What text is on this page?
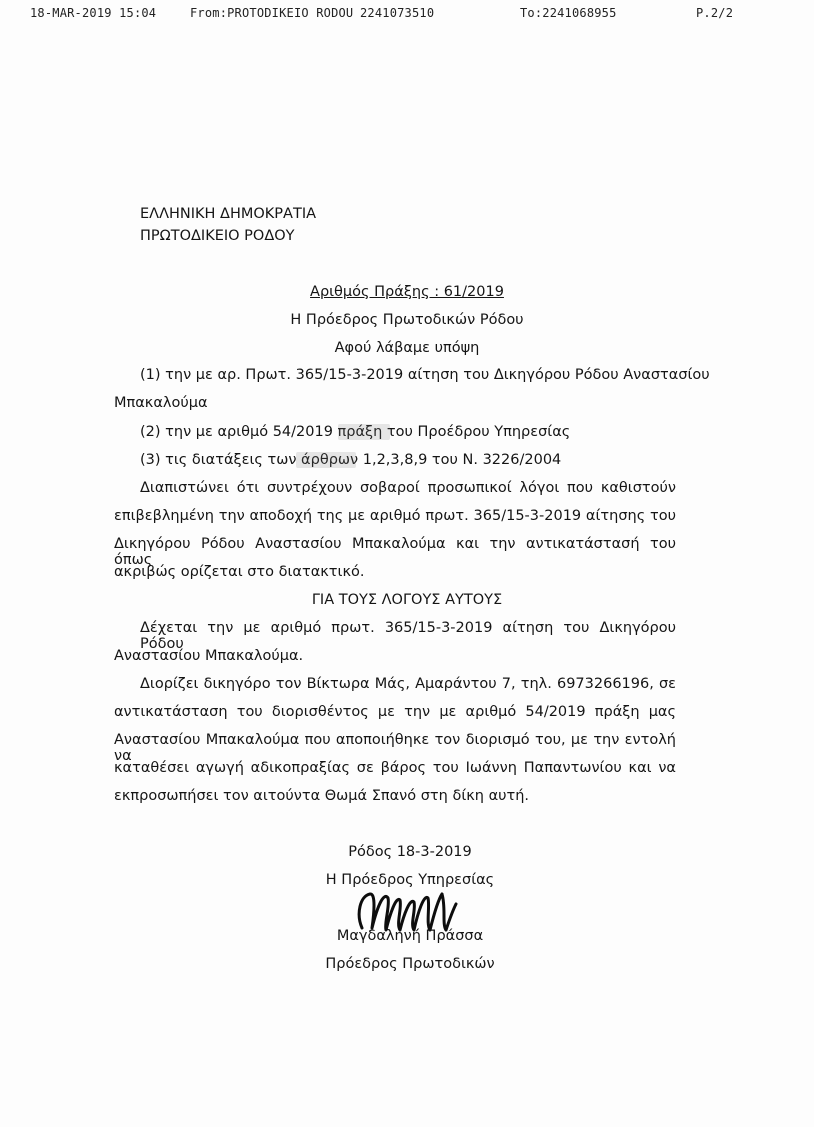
18-MAR-2019 15:04	From:PROTODIKEIO RODOU 2241073510	To:2241068955	P.2/2
ΕΛΛΗΝΙΚΗ ΔΗΜΟΚΡΑΤΙΑ
ΠΡΩΤΟΔΙΚΕΙΟ ΡΟΔΟΥ
Αριθμός Πράξης : 61/2019
Η Πρόεδρος Πρωτοδικών Ρόδου
Αφού λάβαμε υπόψη
(1) την με αρ. Πρωτ. 365/15-3-2019 αίτηση του Δικηγόρου Ρόδου Αναστασίου
Μπακαλούμα
(2) την με αριθμό 54/2019 πράξη του Προέδρου Υπηρεσίας
(3) τις διατάξεις των άρθρων 1,2,3,8,9 του Ν. 3226/2004
Διαπιστώνει ότι συντρέχουν σοβαροί προσωπικοί λόγοι που καθιστούν
επιβεβλημένη την αποδοχή της με αριθμό πρωτ. 365/15-3-2019 αίτησης του
Δικηγόρου Ρόδου Αναστασίου Μπακαλούμα και την αντικατάστασή του όπως
ακριβώς ορίζεται στο διατακτικό.
ΓΙΑ ΤΟΥΣ ΛΟΓΟΥΣ ΑΥΤΟΥΣ
Δέχεται την με αριθμό πρωτ. 365/15-3-2019 αίτηση του Δικηγόρου Ρόδου
Αναστασίου Μπακαλούμα.
Διορίζει δικηγόρο τον Βίκτωρα Μάς, Αμαράντου 7, τηλ. 6973266196, σε
αντικατάσταση του διορισθέντος με την με αριθμό 54/2019 πράξη μας
Αναστασίου Μπακαλούμα που αποποιήθηκε τον διορισμό του, με την εντολή να
καταθέσει αγωγή αδικοπραξίας σε βάρος του Ιωάννη Παπαντωνίου και να
εκπροσωπήσει τον αιτούντα Θωμά Σπανό στη δίκη αυτή.
Ρόδος 18-3-2019
Η Πρόεδρος Υπηρεσίας
Μαγδαληνή Πράσσα
Πρόεδρος Πρωτοδικών
